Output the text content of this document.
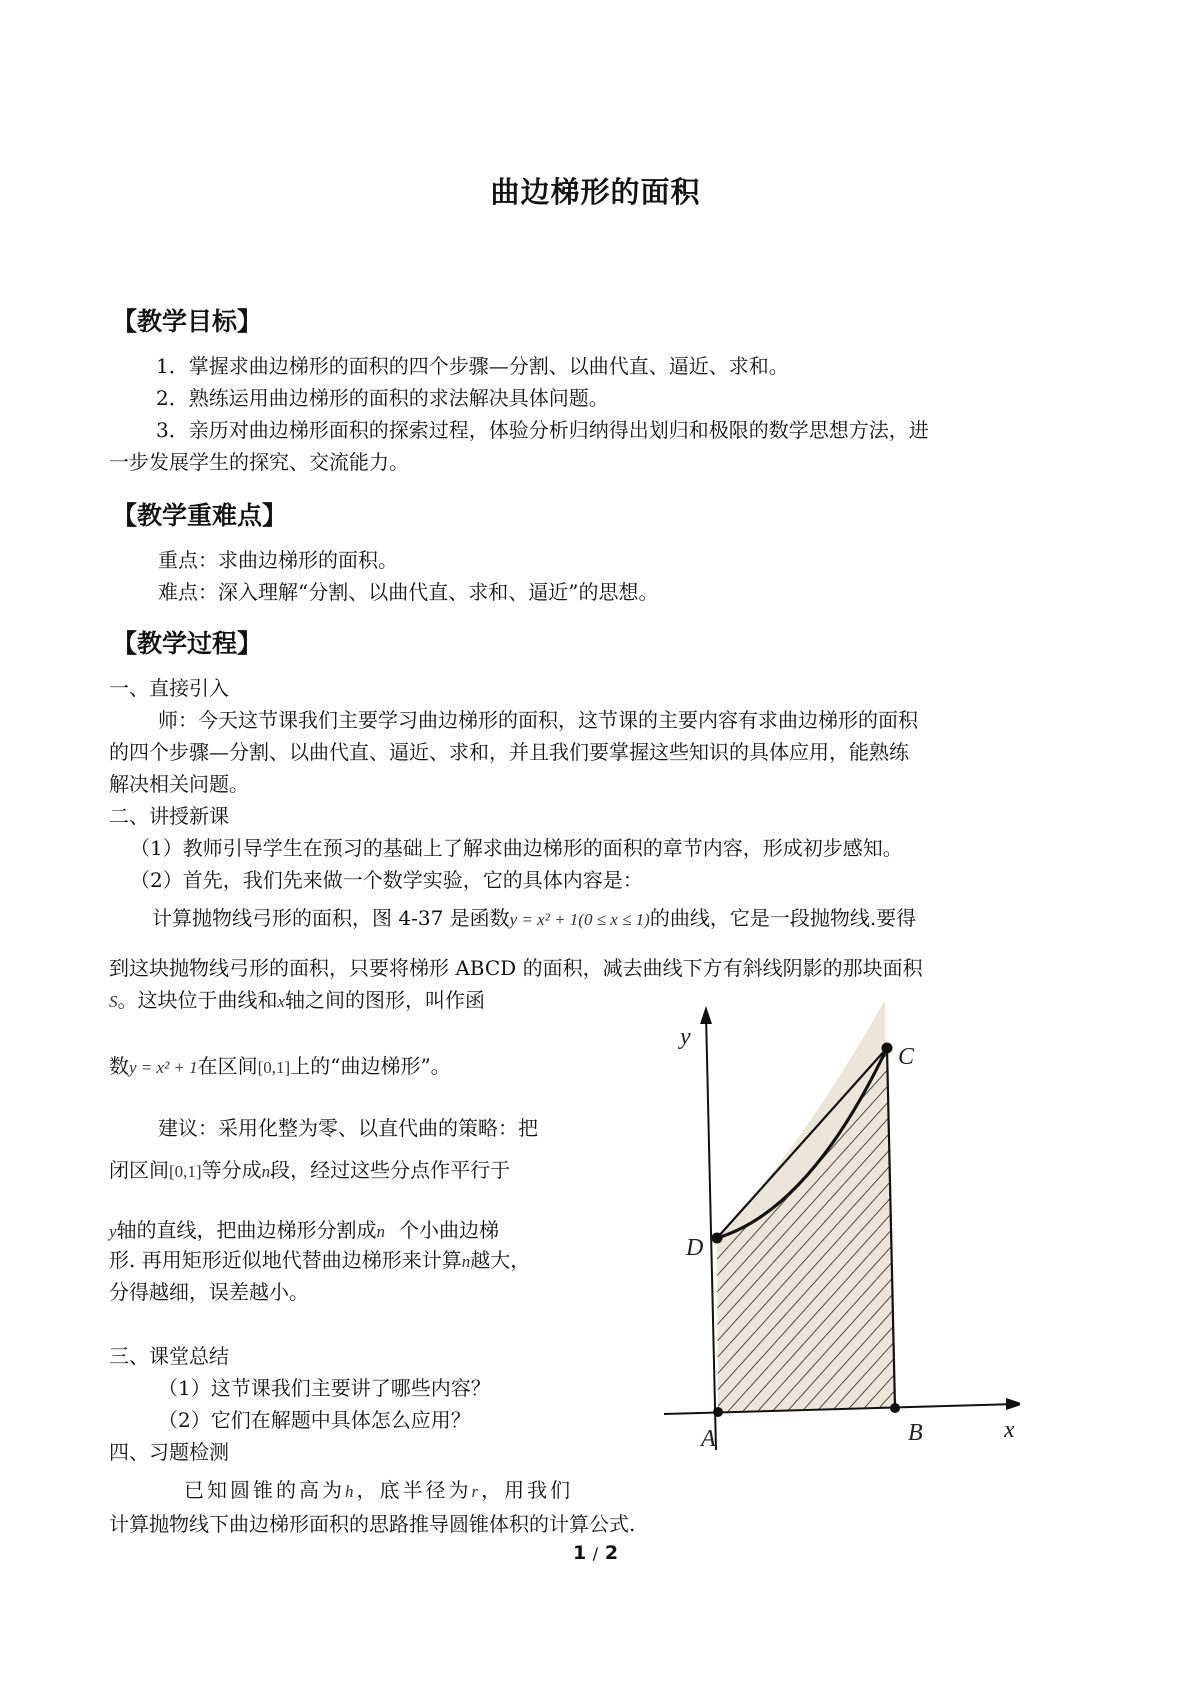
曲边梯形的面积
【教学目标】
1．掌握求曲边梯形的面积的四个步骤—分割、以曲代直、逼近、求和。
2．熟练运用曲边梯形的面积的求法解决具体问题。
3．亲历对曲边梯形面积的探索过程，体验分析归纳得出划归和极限的数学思想方法，进
一步发展学生的探究、交流能力。
【教学重难点】
重点：求曲边梯形的面积。
难点：深入理解“分割、以曲代直、求和、逼近”的思想。
【教学过程】
一、直接引入
师：今天这节课我们主要学习曲边梯形的面积，这节课的主要内容有求曲边梯形的面积
的四个步骤—分割、以曲代直、逼近、求和，并且我们要掌握这些知识的具体应用，能熟练
解决相关问题。
二、讲授新课
（1）教师引导学生在预习的基础上了解求曲边梯形的面积的章节内容，形成初步感知。
（2）首先，我们先来做一个数学实验，它的具体内容是：
计算抛物线弓形的面积，图 4-37 是函数y = x² + 1(0 ≤ x ≤ 1)的曲线，它是一段抛物线.要得
到这块抛物线弓形的面积，只要将梯形 ABCD 的面积，减去曲线下方有斜线阴影的那块面积
S。这块位于曲线和x轴之间的图形，叫作函
数y = x² + 1在区间[0,1]上的“曲边梯形”。
建议：采用化整为零、以直代曲的策略：把
闭区间[0,1]等分成n段，经过这些分点作平行于
y轴的直线，把曲边梯形分割成n 个小曲边梯
形. 再用矩形近似地代替曲边梯形来计算n越大，
分得越细，误差越小。
三、课堂总结
（1）这节课我们主要讲了哪些内容？
（2）它们在解题中具体怎么应用？
四、习题检测
已知圆锥的高为h，底半径为r，用我们
计算抛物线下曲边梯形面积的思路推导圆锥体积的计算公式.
y
C
D
A	B	x
1 / 2
